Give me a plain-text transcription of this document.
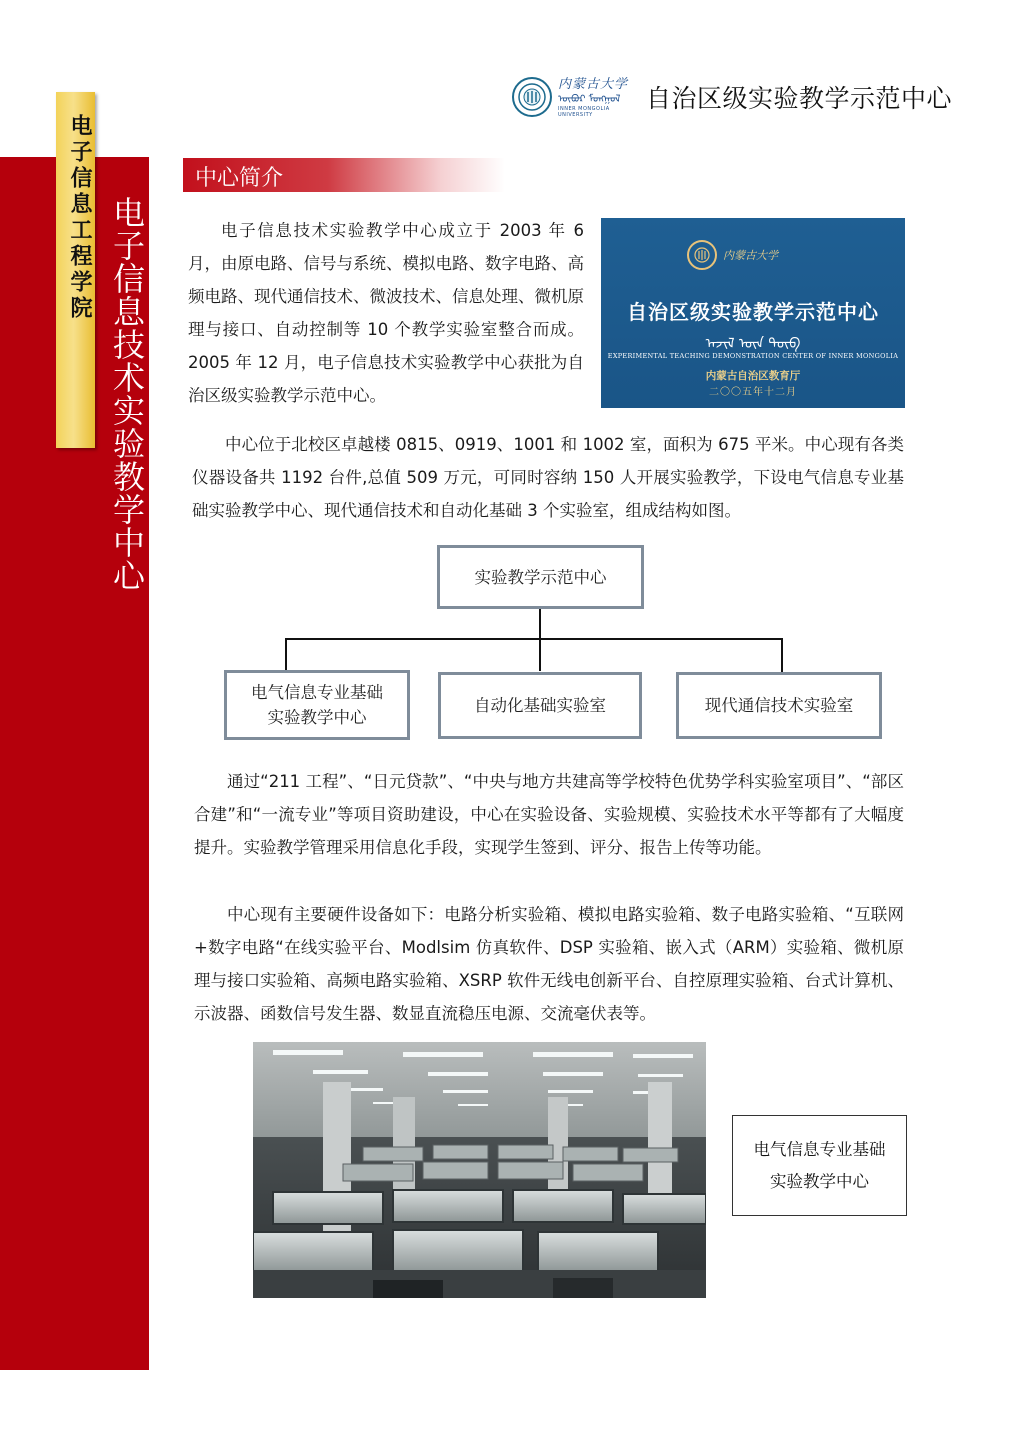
电子信息工程学院 电子信息技术实验教学中心
内蒙古大学
ᠥᠪᠥᠷ ᠮᠣᠩᠭᠣᠯ
INNER MONGOLIA UNIVERSITY
自治区级实验教学示范中心
中心简介

电子信息技术实验教学中心成立于 2003 年 6 月，由原电路、信号与系统、模拟电路、数字电路、高频电路、现代通信技术、微波技术、信息处理、微机原理与接口、自动控制等 10 个教学实验室整合而成。2005 年 12 月，电子信息技术实验教学中心获批为自治区级实验教学示范中心。

内蒙古大学
自治区级实验教学示范中心
ᠠᠵᠢᠯ ᠦᠨ ᠲᠥᠪ
EXPERIMENTAL TEACHING DEMONSTRATION CENTER OF INNER MONGOLIA
内蒙古自治区教育厅
二〇〇五年十二月

中心位于北校区卓越楼 0815、0919、1001 和 1002 室，面积为 675 平米。中心现有各类仪器设备共 1192 台件,总值 509 万元，可同时容纳 150 人开展实验教学，下设电气信息专业基础实验教学中心、现代通信技术和自动化基础 3 个实验室，组成结构如图。

实验教学示范中心
电气信息专业基础
实验教学中心
自动化基础实验室	现代通信技术实验室

通过“211 工程”、“日元贷款”、“中央与地方共建高等学校特色优势学科实验室项目”、“部区合建”和“一流专业”等项目资助建设，中心在实验设备、实验规模、实验技术水平等都有了大幅度提升。实验教学管理采用信息化手段，实现学生签到、评分、报告上传等功能。

中心现有主要硬件设备如下：电路分析实验箱、模拟电路实验箱、数子电路实验箱、“互联网+数字电路“在线实验平台、Modlsim 仿真软件、DSP 实验箱、嵌入式（ARM）实验箱、微机原理与接口实验箱、高频电路实验箱、XSRP 软件无线电创新平台、自控原理实验箱、台式计算机、示波器、函数信号发生器、数显直流稳压电源、交流毫伏表等。

电气信息专业基础
实验教学中心
